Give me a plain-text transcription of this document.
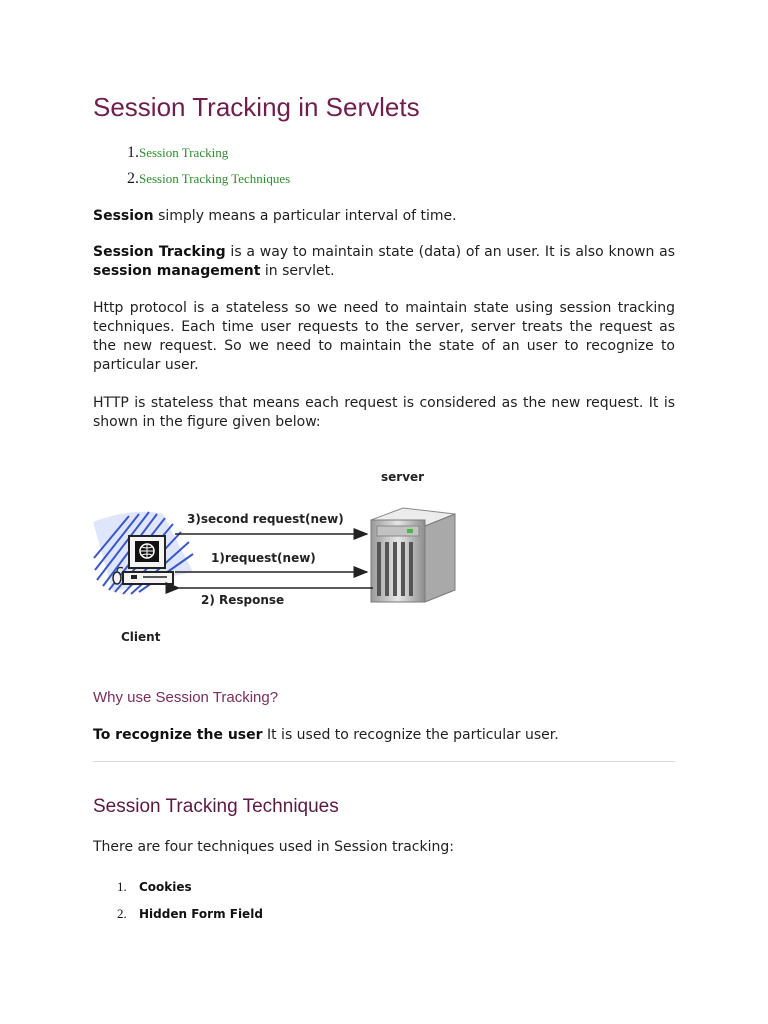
Session Tracking in Servlets
1.Session Tracking
2.Session Tracking Techniques

Session simply means a particular interval of time.

Session Tracking is a way to maintain state (data) of an user. It is also known as session management in servlet.

Http protocol is a stateless so we need to maintain state using session tracking techniques. Each time user requests to the server, server treats the request as the new request. So we need to maintain the state of an user to recognize to particular user.

HTTP is stateless that means each request is considered as the new request. It is shown in the figure given below:

Why use Session Tracking?

To recognize the user It is used to recognize the particular user.

Session Tracking Techniques

There are four techniques used in Session tracking:

1. Cookies
2. Hidden Form Field
server
3)second request(new)
1)request(new)
2) Response
Client
